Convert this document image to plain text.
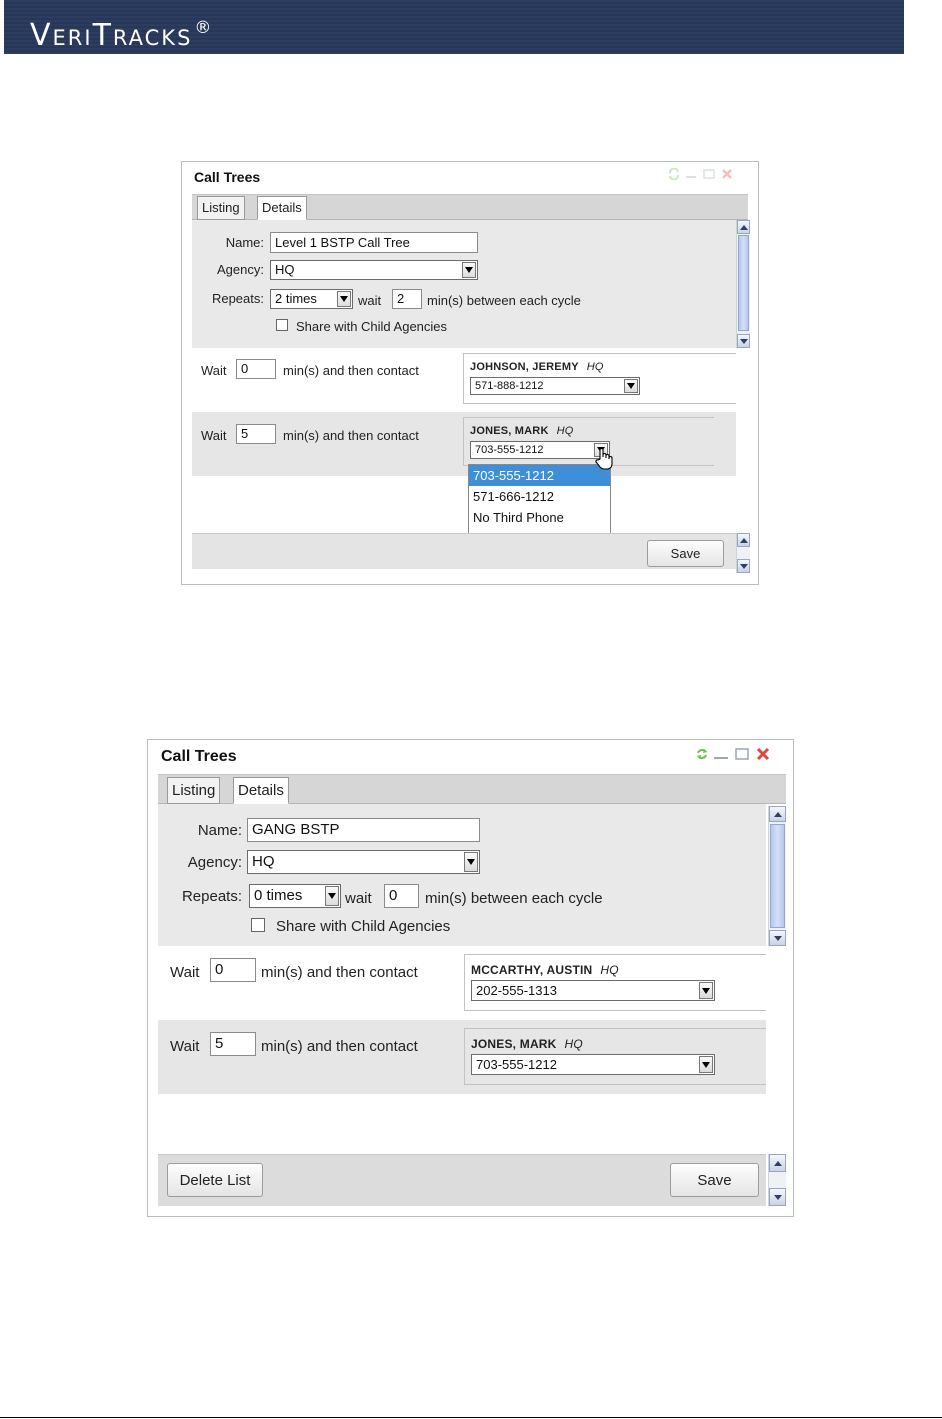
VeriTracks ®
Call Trees
Listing	Details
Name: Level 1 BSTP Call Tree
Agency: HQ
Repeats: 2 times	wait	2	min(s) between each cycle
Share with Child Agencies
Wait	0	min(s) and then contact	JOHNSON, JEREMY HQ
571-888-1212
Wait	5	min(s) and then contact	JONES, MARK HQ
703-555-1212
703-555-1212
571-666-1212
No Third Phone
Save
Call Trees
Listing	Details
Name: GANG BSTP
Agency: HQ
Repeats: 0 times	wait	0	min(s) between each cycle
Share with Child Agencies
Wait	0	min(s) and then contact	MCCARTHY, AUSTIN HQ
202-555-1313
Wait	5	min(s) and then contact	JONES, MARK HQ
703-555-1212
Delete List	Save
